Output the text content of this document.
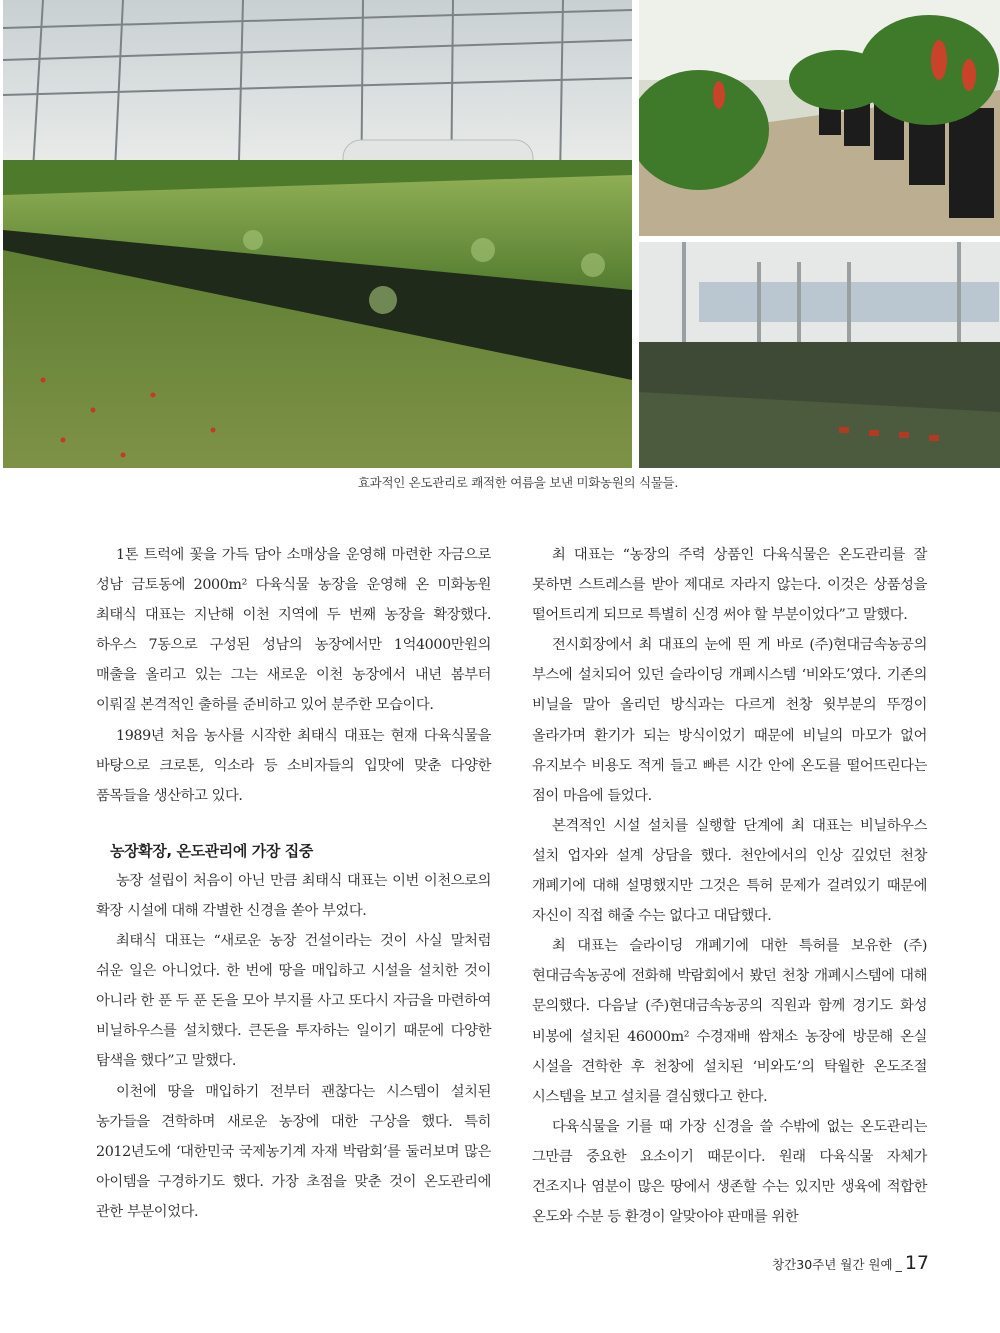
효과적인 온도관리로 쾌적한 여름을 보낸 미화농원의 식물들.

1톤 트럭에 꽃을 가득 담아 소매상을 운영해 마련한 자금으로 성남 금토동에 2000m² 다육식물 농장을 운영해 온 미화농원 최태식 대표는 지난해 이천 지역에 두 번째 농장을 확장했다. 하우스 7동으로 구성된 성남의 농장에서만 1억4000만원의 매출을 올리고 있는 그는 새로운 이천 농장에서 내년 봄부터 이뤄질 본격적인 출하를 준비하고 있어 분주한 모습이다.

1989년 처음 농사를 시작한 최태식 대표는 현재 다육식물을 바탕으로 크로톤, 익소라 등 소비자들의 입맛에 맞춘 다양한 품목들을 생산하고 있다.

농장확장, 온도관리에 가장 집중

농장 설립이 처음이 아닌 만큼 최태식 대표는 이번 이천으로의 확장 시설에 대해 각별한 신경을 쏟아 부었다.

최태식 대표는 “새로운 농장 건설이라는 것이 사실 말처럼 쉬운 일은 아니었다. 한 번에 땅을 매입하고 시설을 설치한 것이 아니라 한 푼 두 푼 돈을 모아 부지를 사고 또다시 자금을 마련하여 비닐하우스를 설치했다. 큰돈을 투자하는 일이기 때문에 다양한 탐색을 했다”고 말했다.

이천에 땅을 매입하기 전부터 괜찮다는 시스템이 설치된 농가들을 견학하며 새로운 농장에 대한 구상을 했다. 특히 2012년도에 ‘대한민국 국제농기계 자재 박람회’를 둘러보며 많은 아이템을 구경하기도 했다. 가장 초점을 맞춘 것이 온도관리에 관한 부분이었다.

최 대표는 “농장의 주력 상품인 다육식물은 온도관리를 잘 못하면 스트레스를 받아 제대로 자라지 않는다. 이것은 상품성을 떨어트리게 되므로 특별히 신경 써야 할 부분이었다”고 말했다.

전시회장에서 최 대표의 눈에 띈 게 바로 (주)현대금속농공의 부스에 설치되어 있던 슬라이딩 개폐시스템 ‘비와도’였다. 기존의 비닐을 말아 올리던 방식과는 다르게 천창 윗부분의 뚜껑이 올라가며 환기가 되는 방식이었기 때문에 비닐의 마모가 없어 유지보수 비용도 적게 들고 빠른 시간 안에 온도를 떨어뜨린다는 점이 마음에 들었다.

본격적인 시설 설치를 실행할 단계에 최 대표는 비닐하우스 설치 업자와 설계 상담을 했다. 천안에서의 인상 깊었던 천창 개폐기에 대해 설명했지만 그것은 특허 문제가 걸려있기 때문에 자신이 직접 해줄 수는 없다고 대답했다.

최 대표는 슬라이딩 개폐기에 대한 특허를 보유한 (주)현대금속농공에 전화해 박람회에서 봤던 천창 개폐시스템에 대해 문의했다. 다음날 (주)현대금속농공의 직원과 함께 경기도 화성 비봉에 설치된 46000m² 수경재배 쌈채소 농장에 방문해 온실 시설을 견학한 후 천창에 설치된 ‘비와도’의 탁월한 온도조절 시스템을 보고 설치를 결심했다고 한다.

다육식물을 기를 때 가장 신경을 쓸 수밖에 없는 온도관리는 그만큼 중요한 요소이기 때문이다. 원래 다육식물 자체가 건조지나 염분이 많은 땅에서 생존할 수는 있지만 생육에 적합한 온도와 수분 등 환경이 알맞아야 판매를 위한

창간30주년 월간 원예 _ 17
